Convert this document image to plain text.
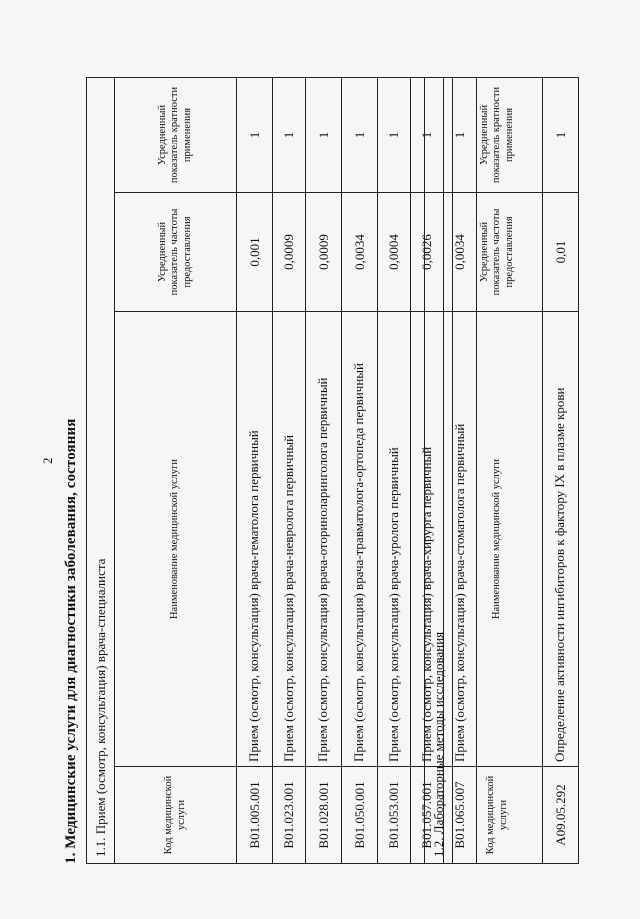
2 1. Медицинские услуги для диагностики заболевания, состояния 1.1. Прием (осмотр, консультация) врача-специалиста			
Код медицинской услуги	Наименование медицинской услуги	Усредненный показатель частоты предоставления	Усредненный показатель кратности применения
B01.005.001	Прием (осмотр, консультация) врача-гематолога первичный	0,001	1
B01.023.001	Прием (осмотр, консультация) врача-невролога первичный	0,0009	1
B01.028.001	Прием (осмотр, консультация) врача-оториноларинголога первичный	0,0009	1
B01.050.001	Прием (осмотр, консультация) врача-травматолога-ортопеда первичный	0,0034	1
B01.053.001	Прием (осмотр, консультация) врача-уролога первичный	0,0004	1
B01.057.001	Прием (осмотр, консультация) врача-хирурга первичный	0,0026	1
B01.065.007	Прием (осмотр, консультация) врача-стоматолога первичный	0,0034	1
1.2. Лабораторные методы исследования			
Код медицинской услуги	Наименование медицинской услуги	Усредненный показатель частоты предоставления	Усредненный показатель кратности применения
A09.05.292	Определение активности ингибиторов к фактору IX в плазме крови	0,01	1
